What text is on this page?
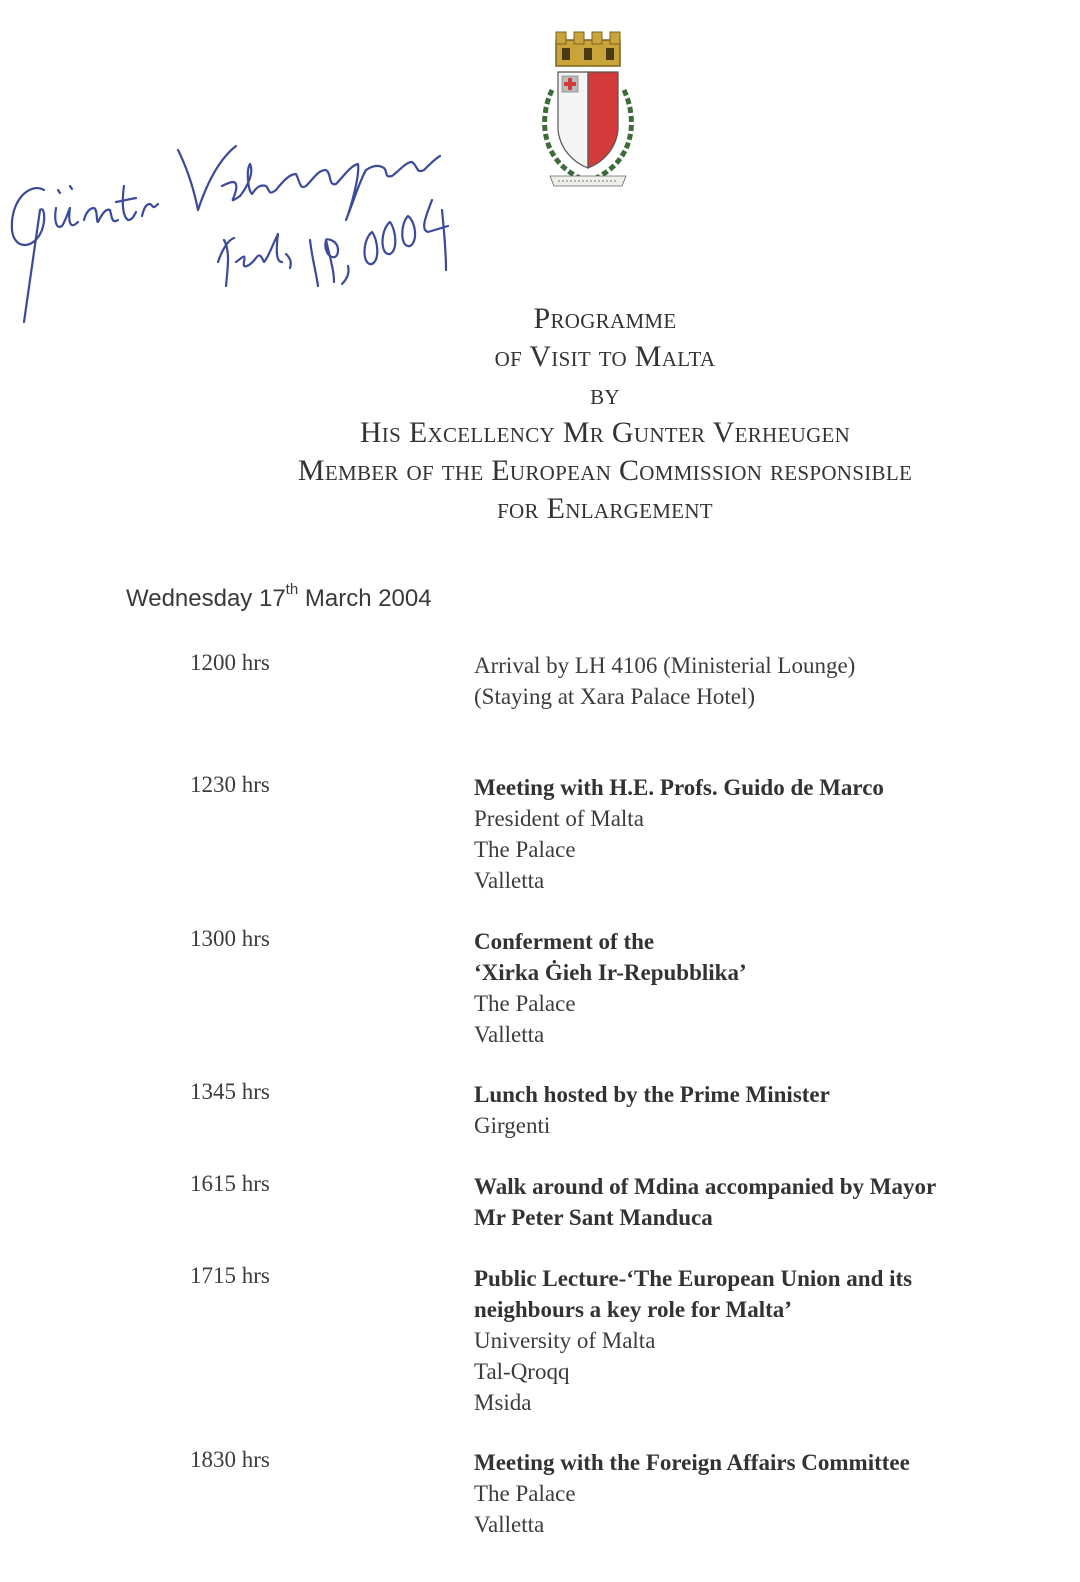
Programme
of Visit to Malta
by
His Excellency Mr Gunter Verheugen
Member of the European Commission responsible
for Enlargement
Wednesday 17th March 2004
1200 hrs	Arrival by LH 4106 (Ministerial Lounge)
(Staying at Xara Palace Hotel)
1230 hrs	Meeting with H.E. Profs. Guido de Marco
President of Malta
The Palace
Valletta
1300 hrs	Conferment of the
‘Xirka Ġieh Ir-Repubblika’
The Palace
Valletta
1345 hrs	Lunch hosted by the Prime Minister
Girgenti
1615 hrs	Walk around of Mdina accompanied by Mayor
Mr Peter Sant Manduca
1715 hrs	Public Lecture-‘The European Union and its
neighbours a key role for Malta’
University of Malta
Tal-Qroqq
Msida
1830 hrs	Meeting with the Foreign Affairs Committee
The Palace
Valletta
